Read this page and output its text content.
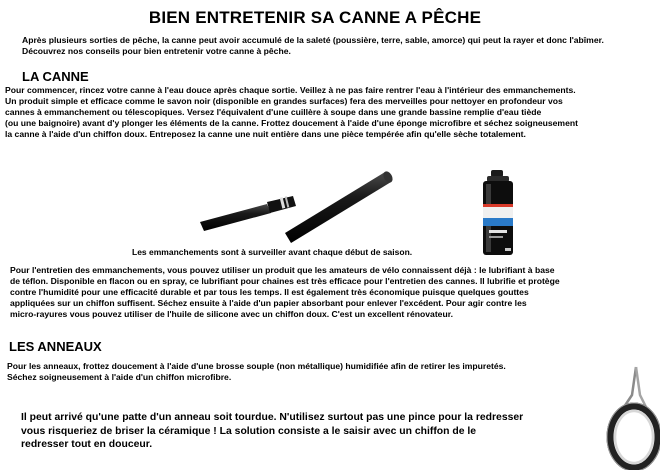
BIEN ENTRETENIR SA CANNE A PÊCHE
Après plusieurs sorties de pêche, la canne peut avoir accumulé de la saleté (poussière, terre, sable, amorce) qui peut la rayer et donc l'abîmer. Découvrez nos conseils pour bien entretenir votre canne à pêche.
LA CANNE
Pour commencer, rincez votre canne à l'eau douce après chaque sortie. Veillez à ne pas faire rentrer l'eau à l'intérieur des emmanchements.
Un produit simple et efficace comme le savon noir (disponible en grandes surfaces) fera des merveilles pour nettoyer en profondeur vos
cannes à emmanchement ou télescopiques. Versez l'équivalent d'une cuillère à soupe dans une grande bassine remplie d'eau tiède
(ou une baignoire) avant d'y plonger les éléments de la canne. Frottez doucement à l'aide d'une éponge microfibre et séchez soigneusement
la canne à l'aide d'un chiffon doux. Entreposez la canne une nuit entière dans une pièce tempérée afin qu'elle sèche totalement.
Les emmanchements sont à surveiller avant chaque début de saison.
Pour l'entretien des emmanchements, vous pouvez utiliser un produit que les amateurs de vélo connaissent déjà : le lubrifiant à base
de téflon. Disponible en flacon ou en spray, ce lubrifiant pour chaines est très efficace pour l'entretien des cannes. Il lubrifie et protège
contre l'humidité pour une efficacité durable et par tous les temps. Il est également très économique puisque quelques gouttes
appliquées sur un chiffon suffisent. Séchez ensuite à l'aide d'un papier absorbant pour enlever l'excédent. Pour agir contre les
micro-rayures vous pouvez utiliser de l'huile de silicone avec un chiffon doux. C'est un excellent rénovateur.
LES ANNEAUX
Pour les anneaux, frottez doucement à l'aide d'une brosse souple (non métallique) humidifiée afin de retirer les impuretés.
Séchez soigneusement à l'aide d'un chiffon microfibre.
Il peut arrivé qu'une patte d'un anneau soit tourdue. N'utilisez surtout pas une pince pour la redresser
vous risqueriez de briser la céramique ! La solution consiste a le saisir avec un chiffon de le
redresser tout en douceur.
